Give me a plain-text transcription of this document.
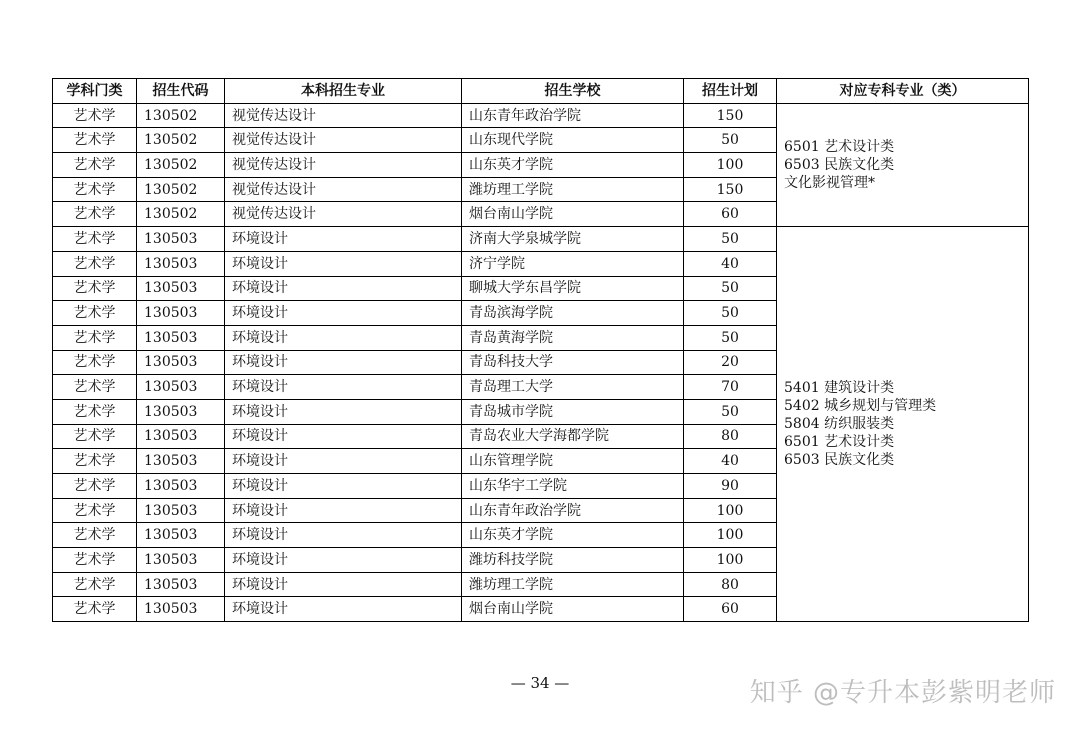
学科门类	招生代码	本科招生专业	招生学校	招生计划	对应专科专业（类）
艺术学	130502	视觉传达设计	山东青年政治学院	150	6501 艺术设计类
6503 民族文化类
文化影视管理*

艺术学	130502	视觉传达设计	山东现代学院	50	
艺术学	130502	视觉传达设计	山东英才学院	100	
艺术学	130502	视觉传达设计	潍坊理工学院	150	
艺术学	130502	视觉传达设计	烟台南山学院	60	
艺术学	130503	环境设计	济南大学泉城学院	50	5401 建筑设计类
5402 城乡规划与管理类
5804 纺织服装类
6501 艺术设计类
6503 民族文化类

艺术学	130503	环境设计	济宁学院	40	
艺术学	130503	环境设计	聊城大学东昌学院	50	
艺术学	130503	环境设计	青岛滨海学院	50	
艺术学	130503	环境设计	青岛黄海学院	50	
艺术学	130503	环境设计	青岛科技大学	20	
艺术学	130503	环境设计	青岛理工大学	70	
艺术学	130503	环境设计	青岛城市学院	50	
艺术学	130503	环境设计	青岛农业大学海都学院	80	
艺术学	130503	环境设计	山东管理学院	40	
艺术学	130503	环境设计	山东华宇工学院	90	
艺术学	130503	环境设计	山东青年政治学院	100	
艺术学	130503	环境设计	山东英才学院	100	
艺术学	130503	环境设计	潍坊科技学院	100	
艺术学	130503	环境设计	潍坊理工学院	80	
艺术学	130503	环境设计	烟台南山学院	60	
— 34 —	知乎 @专升本彭紫明老师
